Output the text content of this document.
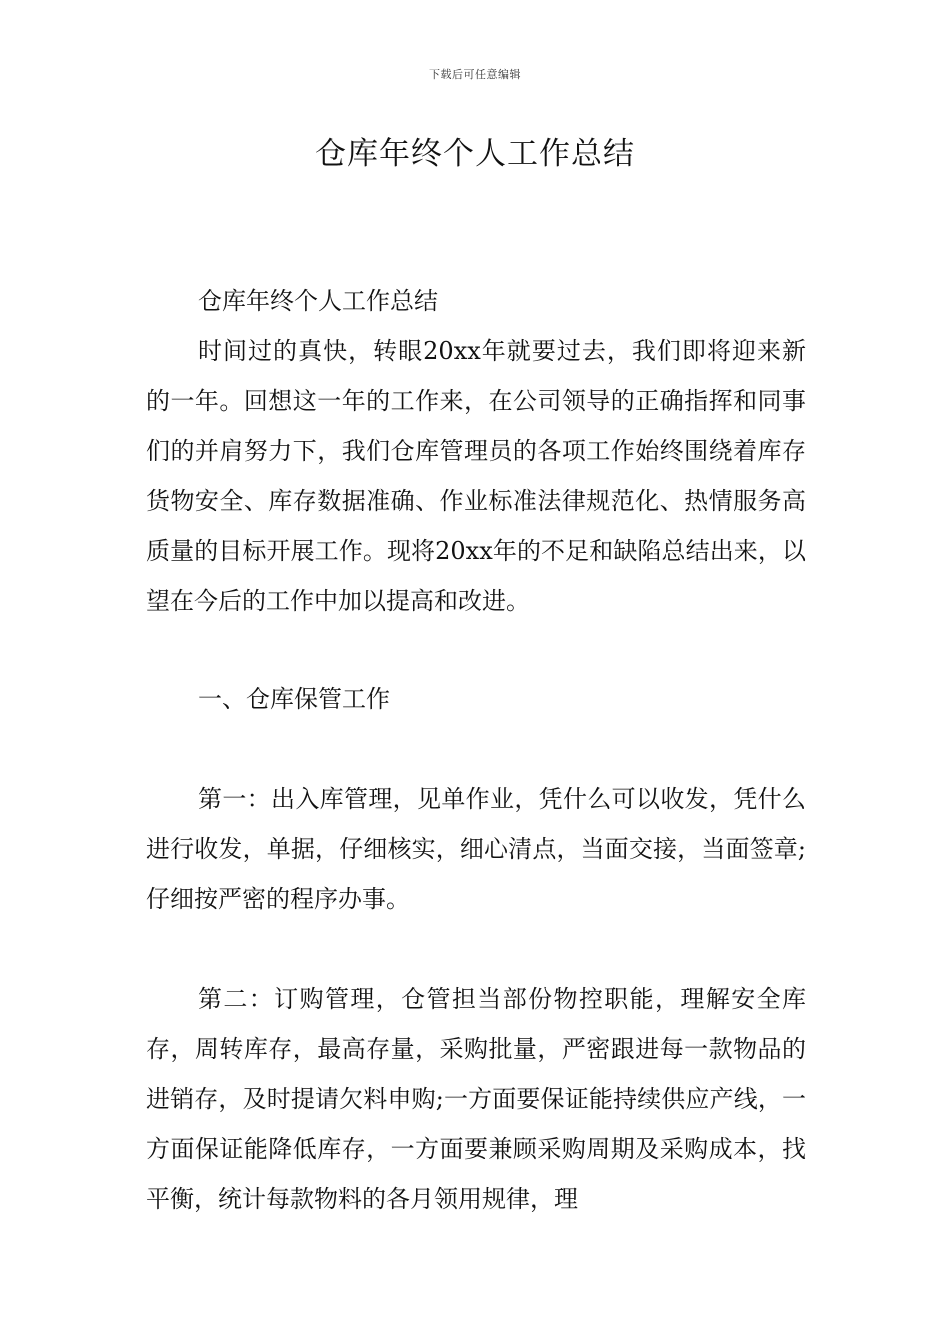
下载后可任意编辑
仓库年终个人工作总结

仓库年终个人工作总结

时间过的真快，转眼20xx年就要过去，我们即将迎来新的一年。回想这一年的工作来，在公司领导的正确指挥和同事们的并肩努力下，我们仓库管理员的各项工作始终围绕着库存货物安全、库存数据准确、作业标准法律规范化、热情服务高质量的目标开展工作。现将20xx年的不足和缺陷总结出来，以望在今后的工作中加以提高和改进。

一、仓库保管工作

第一：出入库管理，见单作业，凭什么可以收发，凭什么进行收发，单据，仔细核实，细心清点，当面交接，当面签章;仔细按严密的程序办事。

第二：订购管理，仓管担当部份物控职能，理解安全库存，周转库存，最高存量，采购批量，严密跟进每一款物品的进销存，及时提请欠料申购;一方面要保证能持续供应产线，一方面保证能降低库存，一方面要兼顾采购周期及采购成本，找平衡，统计每款物料的各月领用规律，理
